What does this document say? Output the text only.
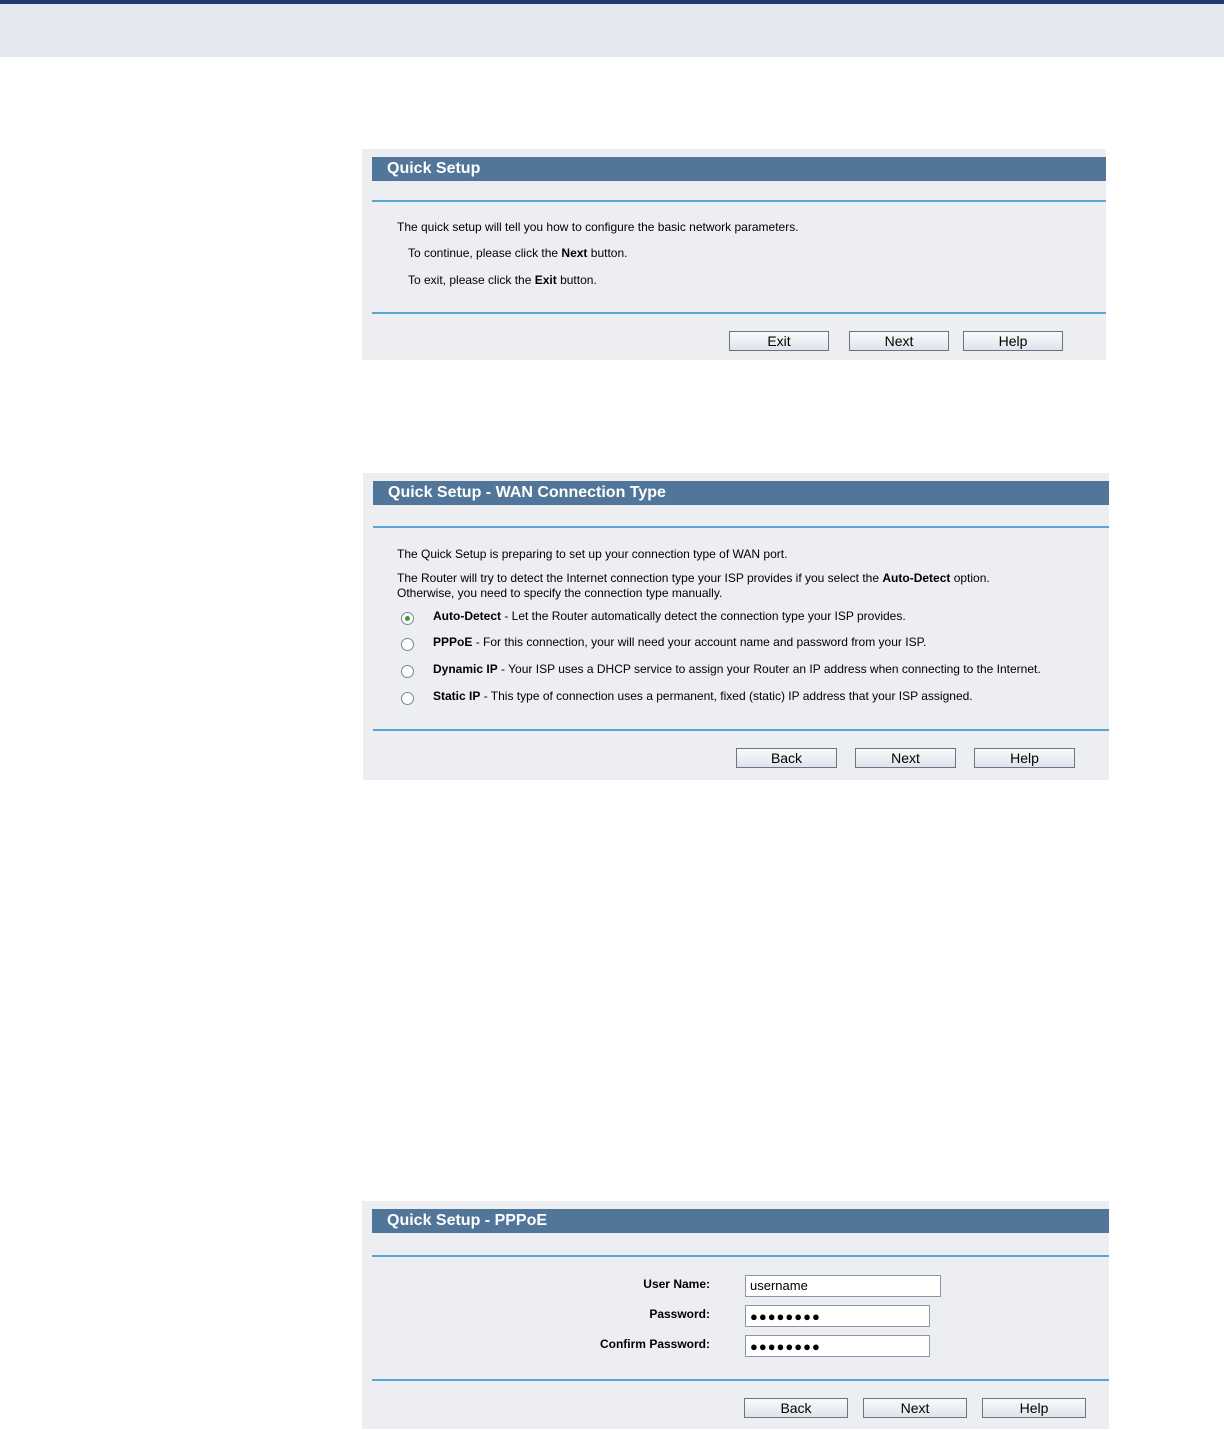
Quick Setup
The quick setup will tell you how to configure the basic network parameters.
To continue, please click the Next button.
To exit, please click the Exit button.
Exit	Next	Help
Quick Setup - WAN Connection Type
The Quick Setup is preparing to set up your connection type of WAN port.
The Router will try to detect the Internet connection type your ISP provides if you select the Auto-Detect option.
Otherwise, you need to specify the connection type manually.
Auto-Detect - Let the Router automatically detect the connection type your ISP provides.
PPPoE - For this connection, your will need your account name and password from your ISP.
Dynamic IP - Your ISP uses a DHCP service to assign your Router an IP address when connecting to the Internet.
Static IP - This type of connection uses a permanent, fixed (static) IP address that your ISP assigned.
Back	Next	Help
Quick Setup - PPPoE
User Name:	username
Password:	●●●●●●●●
Confirm Password:	●●●●●●●●
Back	Next	Help
